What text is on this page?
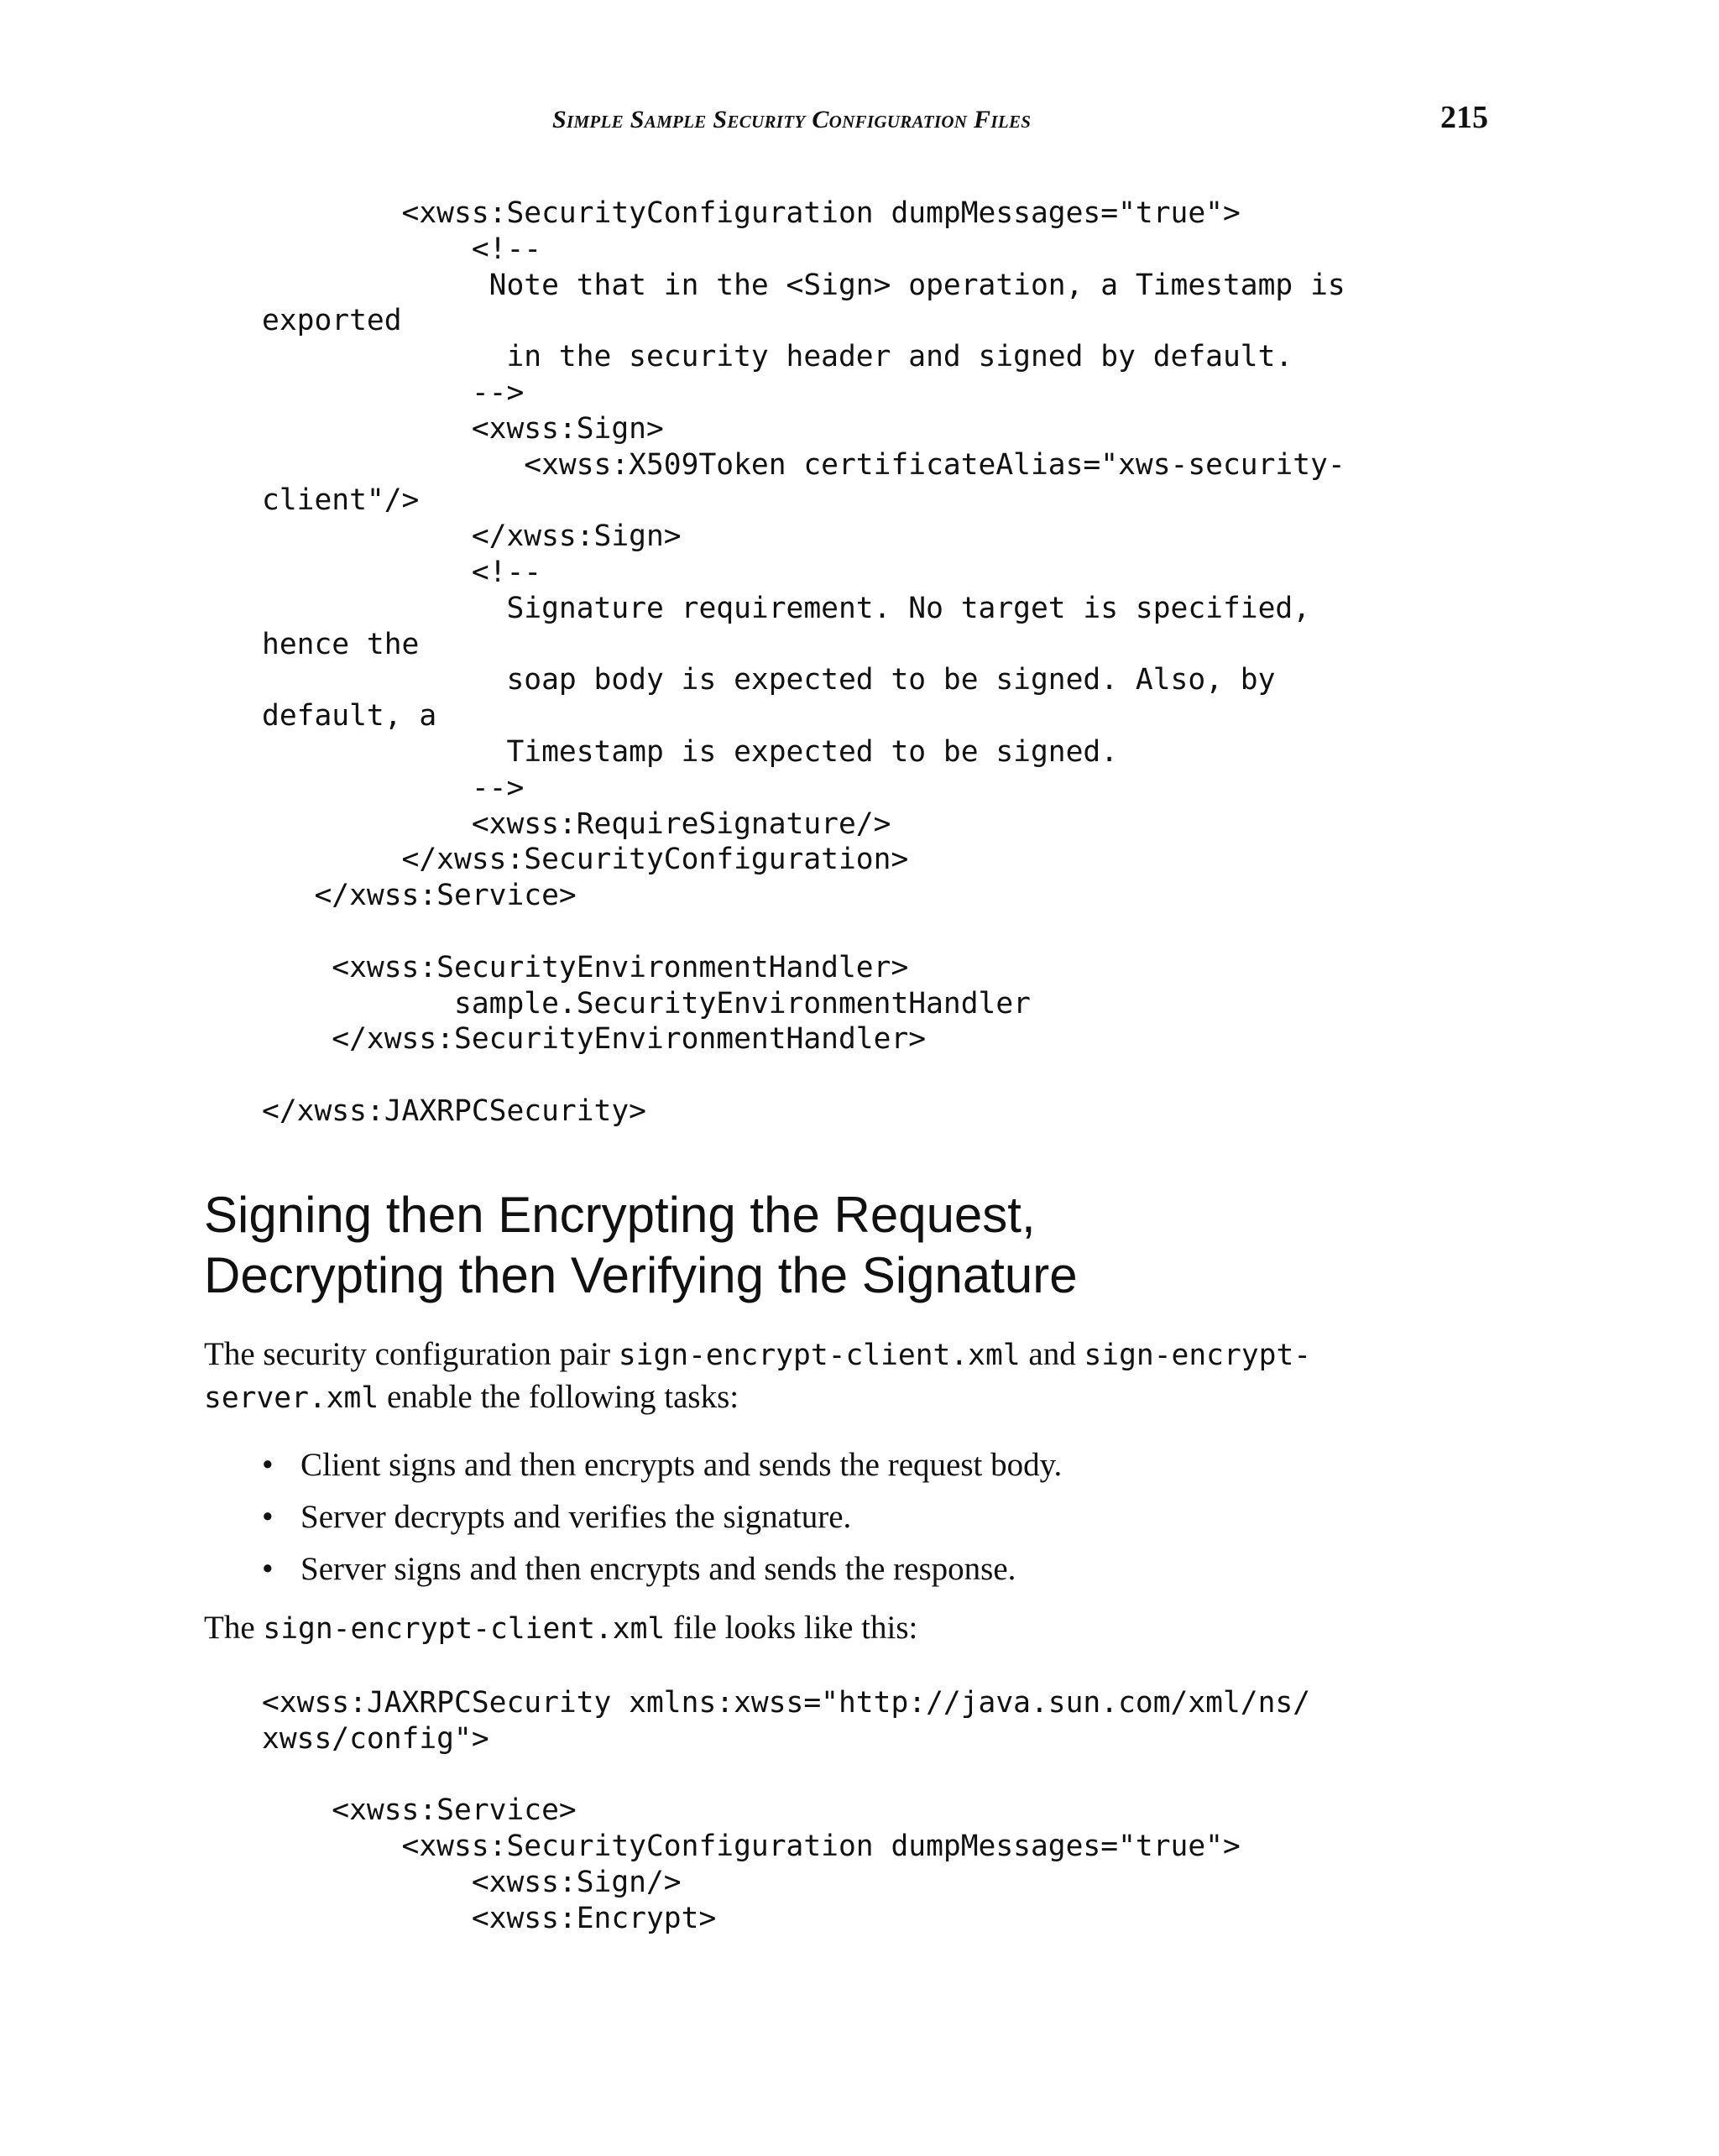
Simple Sample Security Configuration Files	215
<xwss:SecurityConfiguration dumpMessages="true">
<!--
Note that in the <Sign> operation, a Timestamp is
exported
in the security header and signed by default.
-->
<xwss:Sign>
<xwss:X509Token certificateAlias="xws-security-
client"/>
</xwss:Sign>
<!--
Signature requirement. No target is specified,
hence the
soap body is expected to be signed. Also, by
default, a
Timestamp is expected to be signed.
-->
<xwss:RequireSignature/>
</xwss:SecurityConfiguration>
</xwss:Service>

<xwss:SecurityEnvironmentHandler>
sample.SecurityEnvironmentHandler
</xwss:SecurityEnvironmentHandler>

</xwss:JAXRPCSecurity>
Signing then Encrypting the Request,
Decrypting then Verifying the Signature

The security configuration pair sign-encrypt-client.xml and sign-encrypt-
server.xml enable the following tasks:

• Client signs and then encrypts and sends the request body.
• Server decrypts and verifies the signature.
• Server signs and then encrypts and sends the response.

The sign-encrypt-client.xml file looks like this:

<xwss:JAXRPCSecurity xmlns:xwss="http://java.sun.com/xml/ns/
xwss/config">

<xwss:Service>
<xwss:SecurityConfiguration dumpMessages="true">
<xwss:Sign/>
<xwss:Encrypt>
